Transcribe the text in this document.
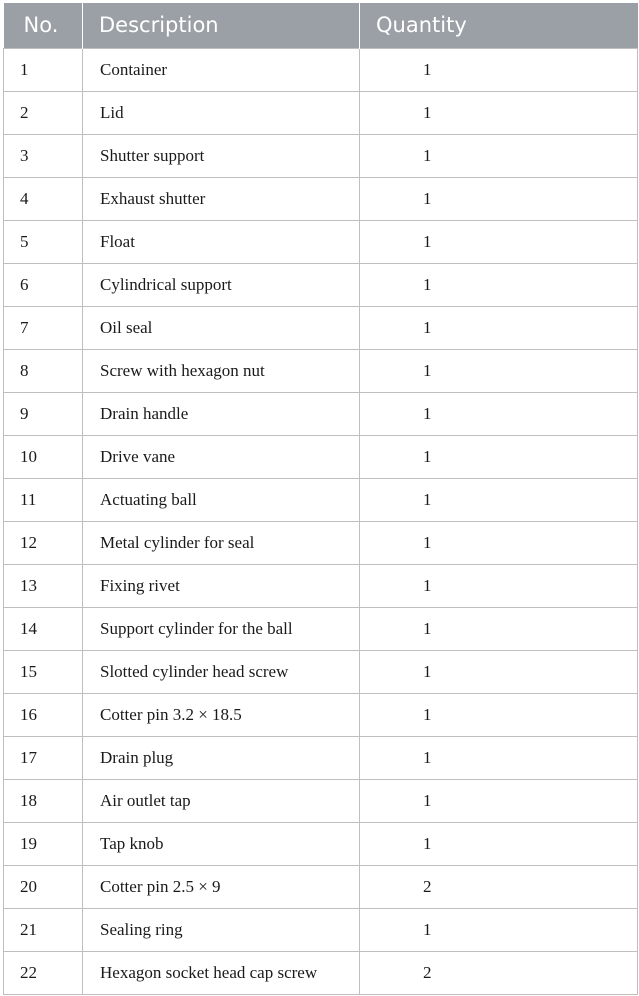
No.	Description	Quantity
1	Container	1
2	Lid	1
3	Shutter support	1
4	Exhaust shutter	1
5	Float	1
6	Cylindrical support	1
7	Oil seal	1
8	Screw with hexagon nut	1
9	Drain handle	1
10	Drive vane	1
11	Actuating ball	1
12	Metal cylinder for seal	1
13	Fixing rivet	1
14	Support cylinder for the ball	1
15	Slotted cylinder head screw	1
16	Cotter pin 3.2 × 18.5	1
17	Drain plug	1
18	Air outlet tap	1
19	Tap knob	1
20	Cotter pin 2.5 × 9	2
21	Sealing ring	1
22	Hexagon socket head cap screw	2
